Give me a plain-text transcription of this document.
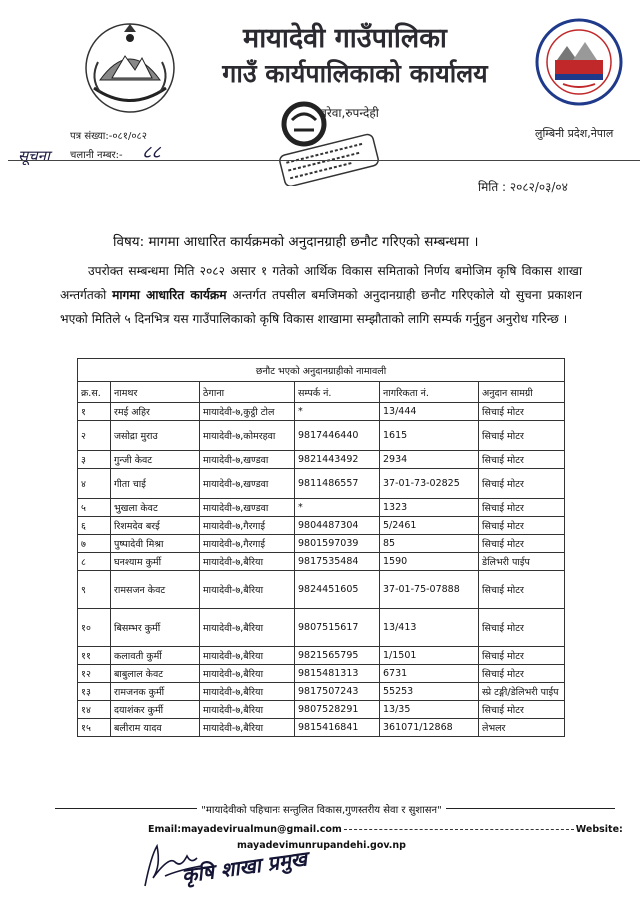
मायादेवी गाउँपालिका
गाउँ कार्यपालिकाको कार्यालय
बरेवा,रुपन्देही
लुम्बिनी प्रदेश,नेपाल
पत्र संख्या:-०८१/०८२
चलानी नम्बर:- ८८
सूचना
मिति : २०८२/०३/०४
विषय: मागमा आधारित कार्यक्रमको अनुदानग्राही छनौट गरिएको सम्बन्धमा ।
उपरोक्त सम्बन्धमा मिति २०८२ असार १ गतेको आर्थिक विकास समिताको निर्णय बमोजिम कृषि विकास शाखा अन्तर्गतको मागमा आधारित कार्यक्रम अन्तर्गत तपसील बमजिमको अनुदानग्राही छनौट गरिएकोले यो सुचना प्रकाशन भएको मितिले ५ दिनभित्र यस गाउँपालिकाको कृषि विकास शाखामा सम्झौताको लागि सम्पर्क गर्नुहुन अनुरोध गरिन्छ ।
छनौट भएको अनुदानग्राहीको नामावली					
क्र.स.	नामथर	ठेगाना	सम्पर्क नं.	नागरिकता नं.	अनुदान सामग्री
१	रमई अहिर	मायादेवी-७,कुट्ठी टोल	*	13/444	सिचाई मोटर
२	जसोद्रा मुराउ	मायादेवी-७,कोमरहवा	9817446440	1615	सिचाई मोटर
३	गुन्जी केवट	मायादेवी-७,खण्डवा	9821443492	2934	सिचाई मोटर
४	गीता चाई	मायादेवी-७,खण्डवा	9811486557	37-01-73-02825	सिचाई मोटर
५	भुखला केवट	मायादेवी-७,खण्डवा	*	1323	सिचाई मोटर
६	रिशमदेव बरई	मायादेवी-७,गैरगाई	9804487304	5/2461	सिचाई मोटर
७	पुष्पादेवी मिश्रा	मायादेवी-७,गैरगाई	9801597039	85	सिचाई मोटर
८	घनश्याम कुर्मी	मायादेवी-७,बैरिया	9817535484	1590	डेलिभरी पाईप
९	रामसजन केवट	मायादेवी-७,बैरिया	9824451605	37-01-75-07888	सिचाई मोटर
१०	बिसम्भर कुर्मी	मायादेवी-७,बैरिया	9807515617	13/413	सिचाई मोटर
११	कलावती कुर्मी	मायादेवी-७,बैरिया	9821565795	1/1501	सिचाई मोटर
१२	बाबुलाल केवट	मायादेवी-७,बैरिया	9815481313	6731	सिचाई मोटर
१३	रामजनक कुर्मी	मायादेवी-७,बैरिया	9817507243	55253	स्प्रे टङ्गी/डेलिभरी पाईप
१४	दयाशंकर कुर्मी	मायादेवी-७,बैरिया	9807528291	13/35	सिचाई मोटर
१५	बलीराम यादव	मायादेवी-७,बैरिया	9815416841	361071/12868	लेभलर
"मायादेवीको पहिचानः सन्तुलित विकास,गुणस्तरीय सेवा र सुशासन"
Email:mayadevirualmun@gmail.com	Website:
mayadevimunrupandehi.gov.np
कृषि शाखा प्रमुख
